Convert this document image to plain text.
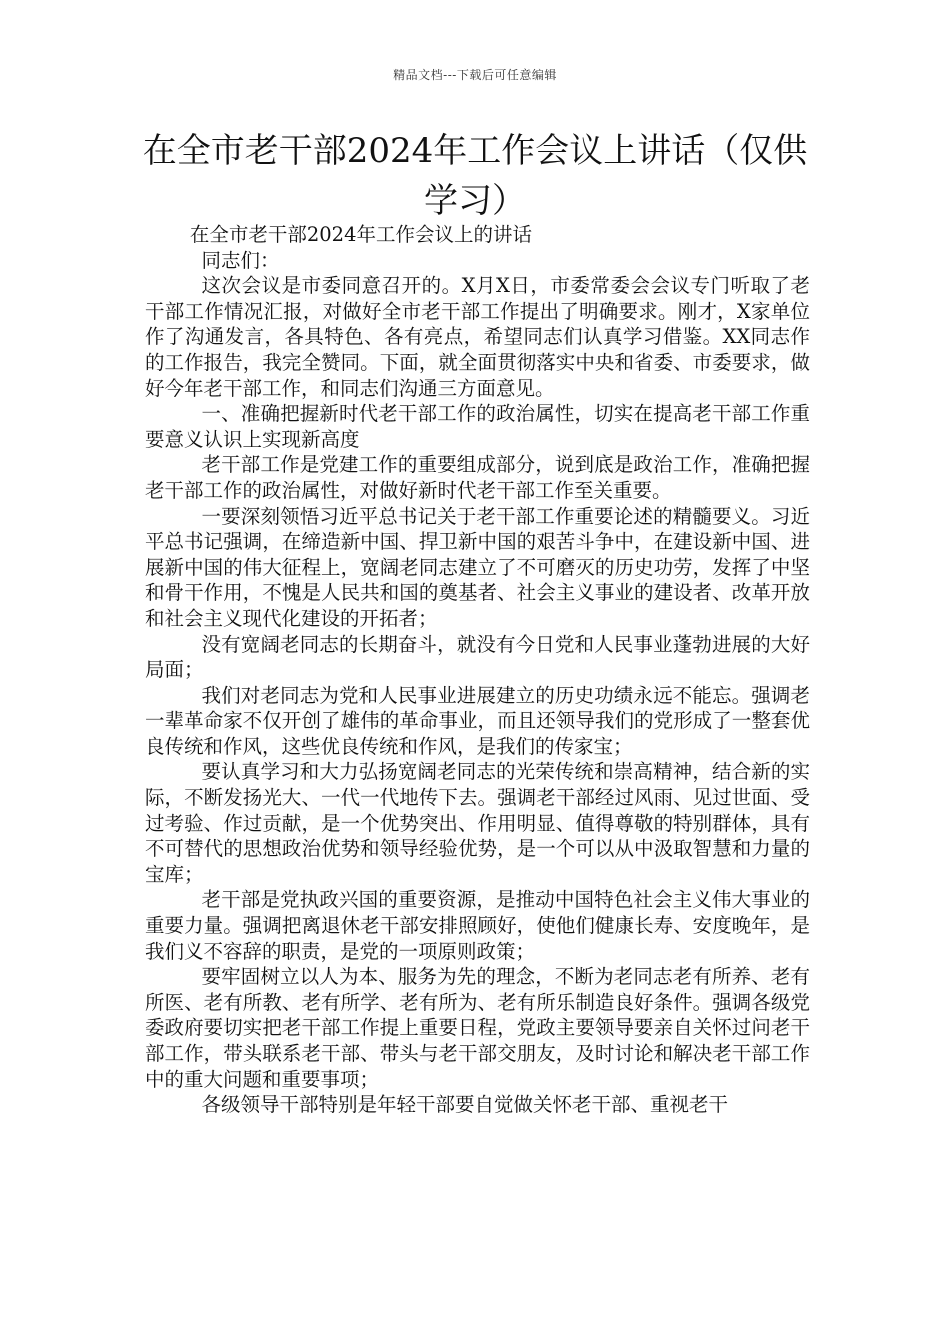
精品文档---下载后可任意编辑
在全市老干部2024年工作会议上讲话（仅供学习）

在全市老干部2024年工作会议上的讲话

同志们：

这次会议是市委同意召开的。X月X日，市委常委会会议专门听取了老干部工作情况汇报，对做好全市老干部工作提出了明确要求。刚才，X家单位作了沟通发言，各具特色、各有亮点，希望同志们认真学习借鉴。XX同志作的工作报告，我完全赞同。下面，就全面贯彻落实中央和省委、市委要求，做好今年老干部工作，和同志们沟通三方面意见。

一、准确把握新时代老干部工作的政治属性，切实在提高老干部工作重要意义认识上实现新高度

老干部工作是党建工作的重要组成部分，说到底是政治工作，准确把握老干部工作的政治属性，对做好新时代老干部工作至关重要。

一要深刻领悟习近平总书记关于老干部工作重要论述的精髓要义。习近平总书记强调，在缔造新中国、捍卫新中国的艰苦斗争中，在建设新中国、进展新中国的伟大征程上，宽阔老同志建立了不可磨灭的历史功劳，发挥了中坚和骨干作用，不愧是人民共和国的奠基者、社会主义事业的建设者、改革开放和社会主义现代化建设的开拓者；

没有宽阔老同志的长期奋斗，就没有今日党和人民事业蓬勃进展的大好局面；

我们对老同志为党和人民事业进展建立的历史功绩永远不能忘。强调老一辈革命家不仅开创了雄伟的革命事业，而且还领导我们的党形成了一整套优良传统和作风，这些优良传统和作风，是我们的传家宝；

要认真学习和大力弘扬宽阔老同志的光荣传统和崇高精神，结合新的实际，不断发扬光大、一代一代地传下去。强调老干部经过风雨、见过世面、受过考验、作过贡献，是一个优势突出、作用明显、值得尊敬的特别群体，具有不可替代的思想政治优势和领导经验优势，是一个可以从中汲取智慧和力量的宝库；

老干部是党执政兴国的重要资源，是推动中国特色社会主义伟大事业的重要力量。强调把离退休老干部安排照顾好，使他们健康长寿、安度晚年，是我们义不容辞的职责，是党的一项原则政策；

要牢固树立以人为本、服务为先的理念，不断为老同志老有所养、老有所医、老有所教、老有所学、老有所为、老有所乐制造良好条件。强调各级党委政府要切实把老干部工作提上重要日程，党政主要领导要亲自关怀过问老干部工作，带头联系老干部、带头与老干部交朋友，及时讨论和解决老干部工作中的重大问题和重要事项；

各级领导干部特别是年轻干部要自觉做关怀老干部、重视老干
